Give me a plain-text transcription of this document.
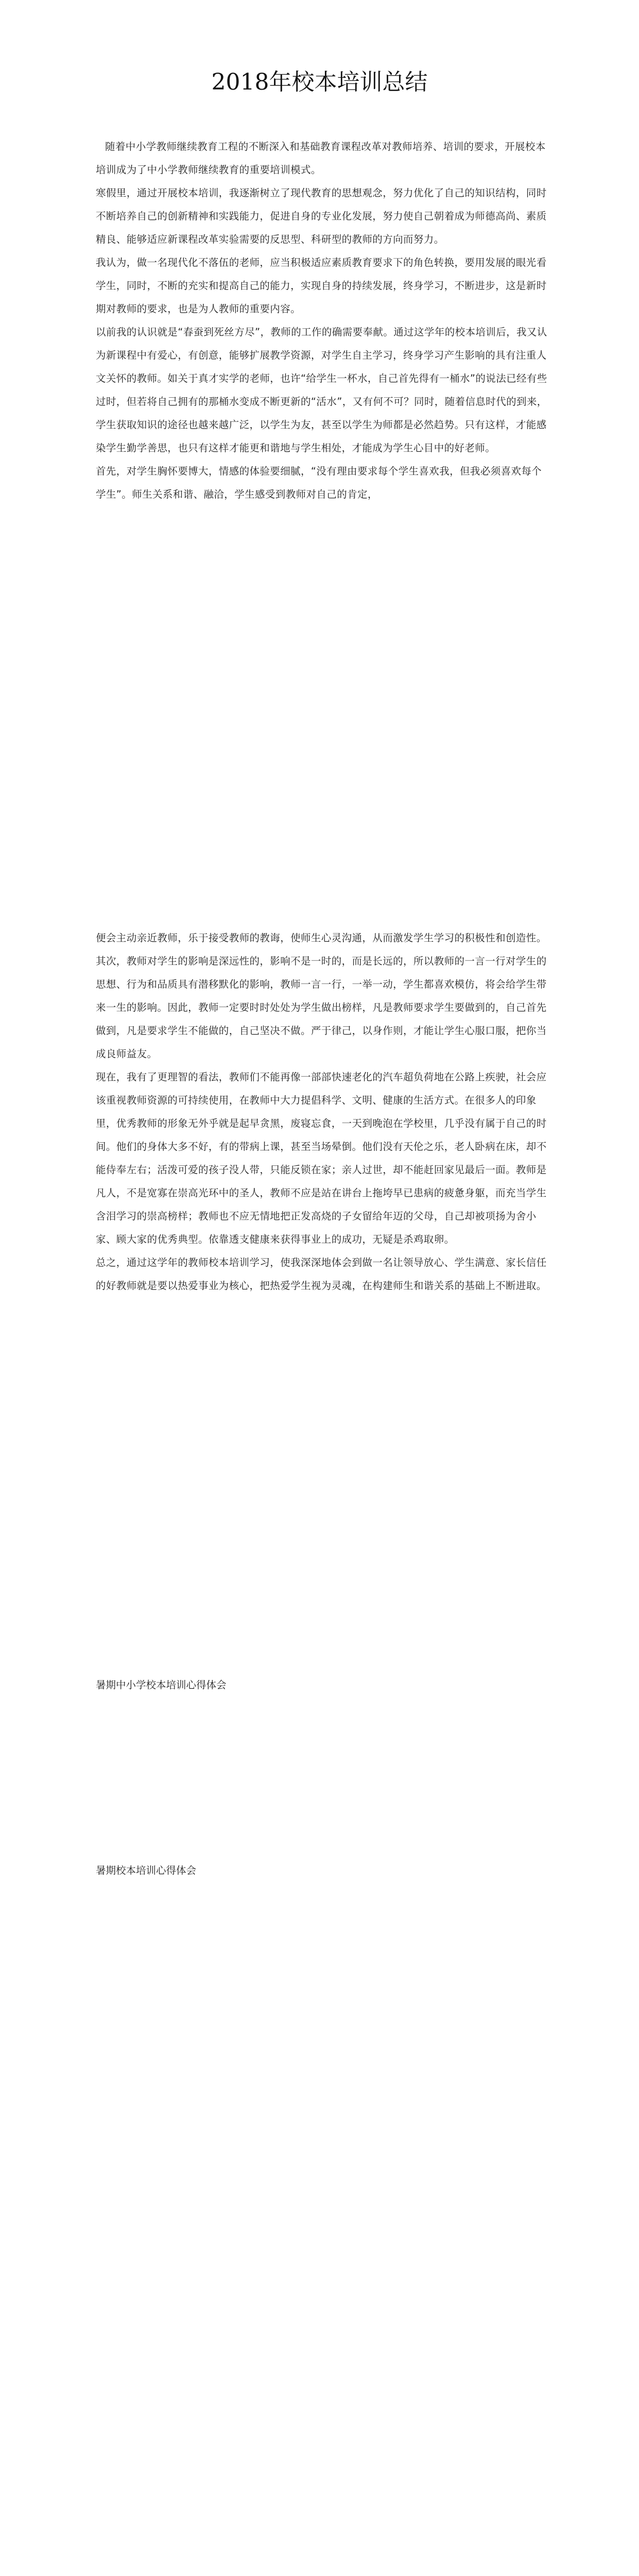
2018年校本培训总结

随着中小学教师继续教育工程的不断深入和基础教育课程改革对教师培养、培训的要求，开展校本培训成为了中小学教师继续教育的重要培训模式。

寒假里，通过开展校本培训，我逐渐树立了现代教育的思想观念，努力优化了自己的知识结构，同时不断培养自己的创新精神和实践能力，促进自身的专业化发展，努力使自己朝着成为师德高尚、素质精良、能够适应新课程改革实验需要的反思型、科研型的教师的方向而努力。

我认为，做一名现代化不落伍的老师，应当积极适应素质教育要求下的角色转换，要用发展的眼光看学生，同时，不断的充实和提高自己的能力，实现自身的持续发展，终身学习，不断进步，这是新时期对教师的要求，也是为人教师的重要内容。

以前我的认识就是“春蚕到死丝方尽”，教师的工作的确需要奉献。通过这学年的校本培训后，我又认为新课程中有爱心，有创意，能够扩展教学资源，对学生自主学习，终身学习产生影响的具有注重人文关怀的教师。如关于真才实学的老师，也许“给学生一杯水，自己首先得有一桶水”的说法已经有些过时，但若将自己拥有的那桶水变成不断更新的“活水”，又有何不可？同时，随着信息时代的到来，学生获取知识的途径也越来越广泛，以学生为友，甚至以学生为师都是必然趋势。只有这样，才能感染学生勤学善思，也只有这样才能更和谐地与学生相处，才能成为学生心目中的好老师。

首先，对学生胸怀要博大，情感的体验要细腻，“没有理由要求每个学生喜欢我，但我必须喜欢每个学生”。师生关系和谐、融洽，学生感受到教师对自己的肯定，

便会主动亲近教师，乐于接受教师的教诲，使师生心灵沟通，从而激发学生学习的积极性和创造性。

其次，教师对学生的影响是深远性的，影响不是一时的，而是长远的，所以教师的一言一行对学生的思想、行为和品质具有潜移默化的影响，教师一言一行，一举一动，学生都喜欢模仿，将会给学生带来一生的影响。因此，教师一定要时时处处为学生做出榜样，凡是教师要求学生要做到的，自己首先做到，凡是要求学生不能做的，自己坚决不做。严于律己，以身作则，才能让学生心服口服，把你当成良师益友。

现在，我有了更理智的看法，教师们不能再像一部部快速老化的汽车超负荷地在公路上疾驶，社会应该重视教师资源的可持续使用，在教师中大力提倡科学、文明、健康的生活方式。在很多人的印象里，优秀教师的形象无外乎就是起早贪黑，废寝忘食，一天到晚泡在学校里，几乎没有属于自己的时间。他们的身体大多不好，有的带病上课，甚至当场晕倒。他们没有天伦之乐，老人卧病在床，却不能侍奉左右；活泼可爱的孩子没人带，只能反锁在家；亲人过世，却不能赶回家见最后一面。教师是凡人，不是宽寡在崇高光环中的圣人，教师不应是站在讲台上拖垮早已患病的疲惫身躯，而充当学生含泪学习的崇高榜样；教师也不应无情地把正发高烧的子女留给年迈的父母，自己却被项扬为舍小家、顾大家的优秀典型。依靠透支健康来获得事业上的成功，无疑是杀鸡取卵。

总之，通过这学年的教师校本培训学习，使我深深地体会到做一名让领导放心、学生满意、家长信任的好教师就是要以热爱事业为核心，把热爱学生视为灵魂，在构建师生和谐关系的基础上不断进取。

暑期中小学校本培训心得体会

暑期校本培训心得体会
